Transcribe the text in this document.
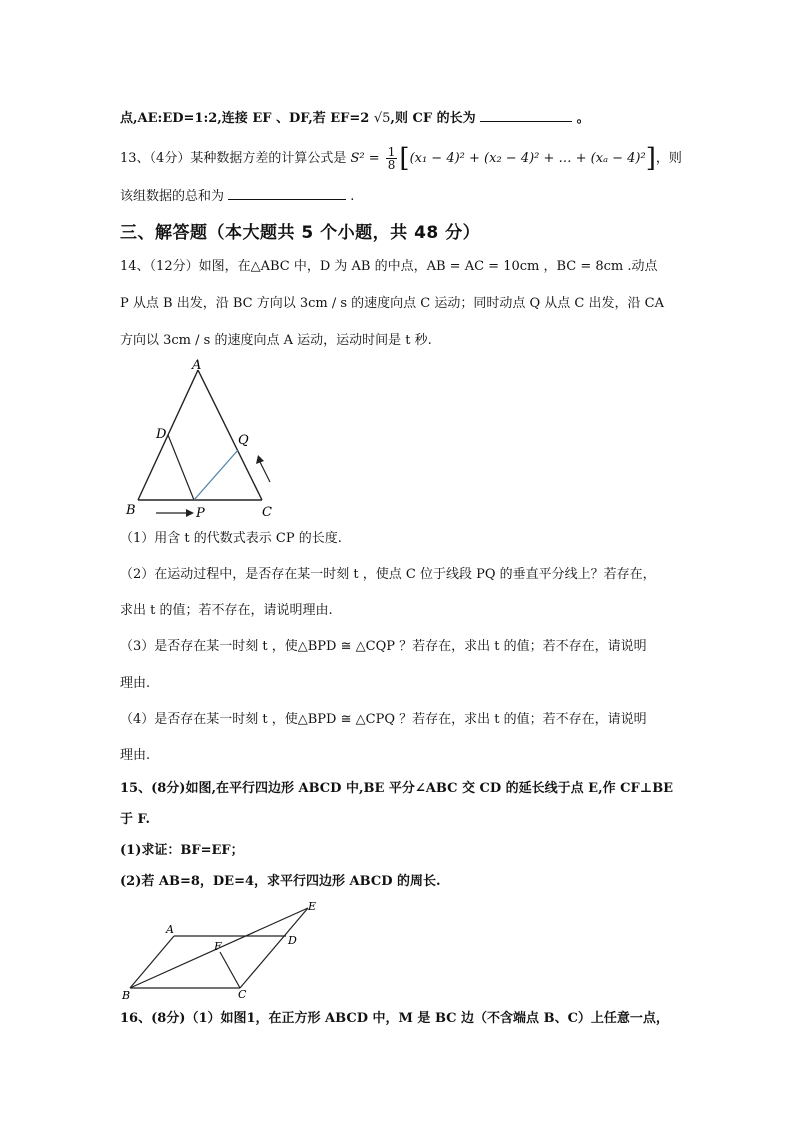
点,AE:ED=1:2,连接 EF 、DF,若 EF=2 √5,则 CF 的长为	。
13、（4分）某种数据方差的计算公式是 $S^2 = \frac{1}{8} [(x_1 - 4)^2 + (x_2 - 4)^2$ + … + (xₐ − 4)²]，则
该组数据的总和为	.
三、解答题（本大题共 5 个小题，共 48 分）
14、（12分）如图，在△ABC 中，D 为 AB 的中点，AB = AC = 10cm ，BC = 8cm .动点
P 从点 B 出发，沿 BC 方向以 3cm / s 的速度向点 C 运动；同时动点 Q 从点 C 出发，沿 CA
方向以 3cm / s 的速度向点 A 运动，运动时间是 t 秒.
A
D	Q
B	P	C
（1）用含 t 的代数式表示 CP 的长度.
（2）在运动过程中，是否存在某一时刻 t ，使点 C 位于线段 PQ 的垂直平分线上？若存在，
求出 t 的值；若不存在，请说明理由.
（3）是否存在某一时刻 t ，使△BPD ≅ △CQP ？若存在，求出 t 的值；若不存在，请说明
理由.
（4）是否存在某一时刻 t ，使△BPD ≅ △CPQ ？若存在，求出 t 的值；若不存在，请说明
理由.
15、(8分)如图,在平行四边形 ABCD 中,BE 平分∠ABC 交 CD 的延长线于点 E,作 CF⊥BE
于 F.
(1)求证：BF=EF；
(2)若 AB=8，DE=4，求平行四边形 ABCD 的周长.
A
E
D
F
B	C
16、(8分)（1）如图1，在正方形 ABCD 中，M 是 BC 边（不含端点 B、C）上任意一点，
